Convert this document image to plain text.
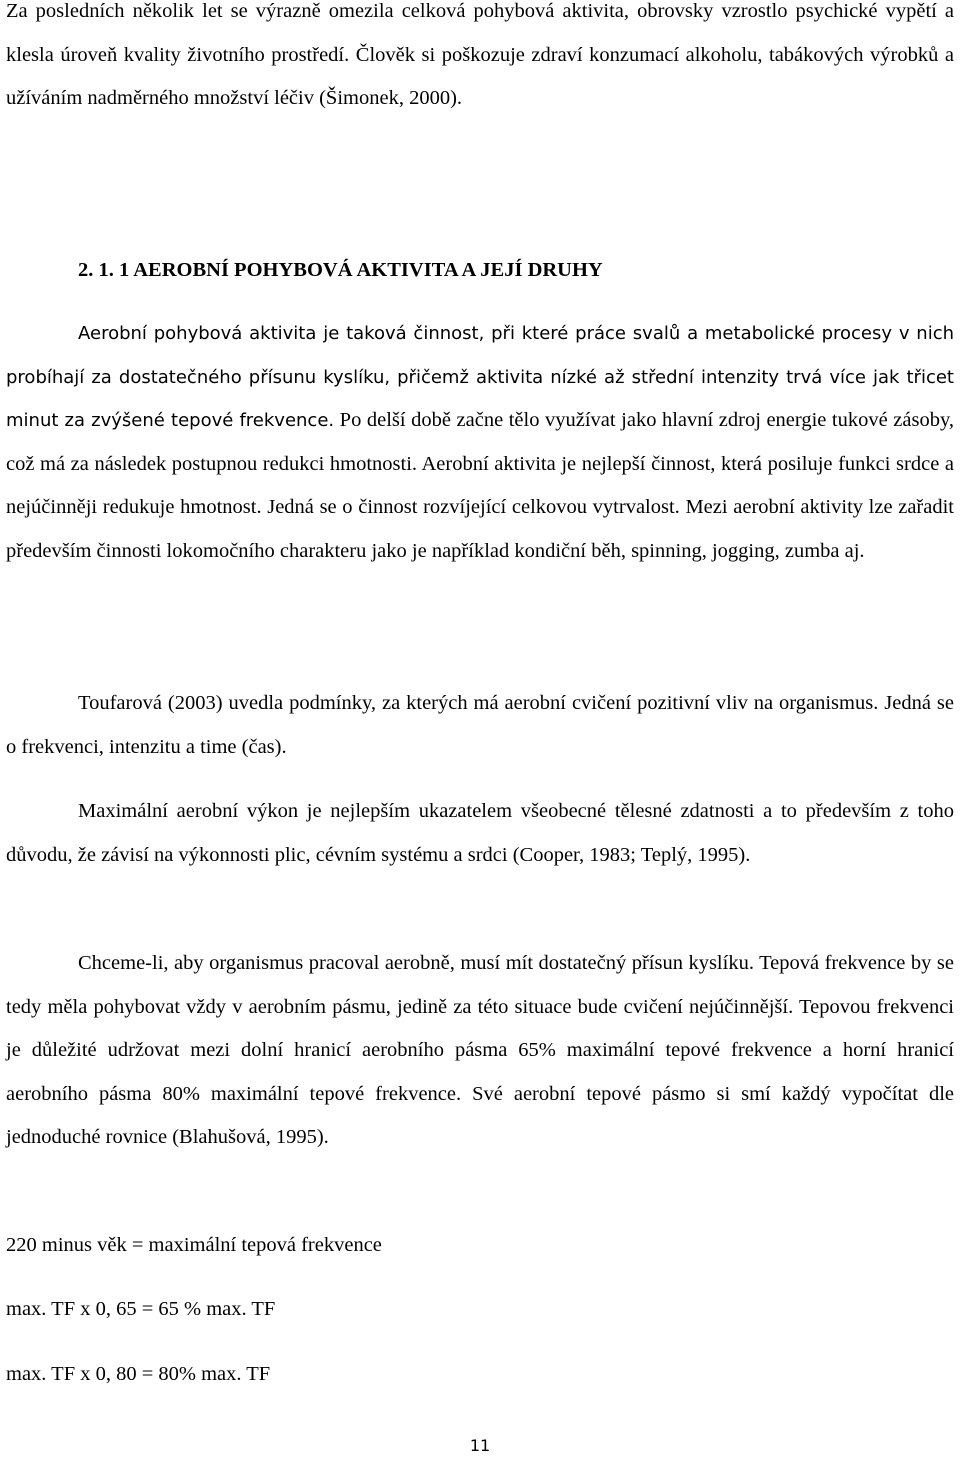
Za posledních několik let se výrazně omezila celková pohybová aktivita, obrovsky vzrostlo psychické vypětí a klesla úroveň kvality životního prostředí. Člověk si poškozuje zdraví konzumací alkoholu, tabákových výrobků a užíváním nadměrného množství léčiv (Šimonek, 2000).

2. 1. 1 AEROBNÍ POHYBOVÁ AKTIVITA A JEJÍ DRUHY

Aerobní pohybová aktivita je taková činnost, při které práce svalů a metabolické procesy v nich probíhají za dostatečného přísunu kyslíku, přičemž aktivita nízké až střední intenzity trvá více jak třicet minut za zvýšené tepové frekvence. Po delší době začne tělo využívat jako hlavní zdroj energie tukové zásoby, což má za následek postupnou redukci hmotnosti. Aerobní aktivita je nejlepší činnost, která posiluje funkci srdce a nejúčinněji redukuje hmotnost. Jedná se o činnost rozvíjející celkovou vytrvalost. Mezi aerobní aktivity lze zařadit především činnosti lokomočního charakteru jako je například kondiční běh, spinning, jogging, zumba aj.

Toufarová (2003) uvedla podmínky, za kterých má aerobní cvičení pozitivní vliv na organismus. Jedná se o frekvenci, intenzitu a time (čas).

Maximální aerobní výkon je nejlepším ukazatelem všeobecné tělesné zdatnosti a to především z toho důvodu, že závisí na výkonnosti plic, cévním systému a srdci (Cooper, 1983; Teplý, 1995).

Chceme-li, aby organismus pracoval aerobně, musí mít dostatečný přísun kyslíku. Tepová frekvence by se tedy měla pohybovat vždy v aerobním pásmu, jedině za této situace bude cvičení nejúčinnější. Tepovou frekvenci je důležité udržovat mezi dolní hranicí aerobního pásma 65% maximální tepové frekvence a horní hranicí aerobního pásma 80% maximální tepové frekvence. Své aerobní tepové pásmo si smí každý vypočítat dle jednoduché rovnice (Blahušová, 1995).

220 minus věk = maximální tepová frekvence

max. TF x 0, 65 = 65 % max. TF

max. TF x 0, 80 = 80% max. TF

11
